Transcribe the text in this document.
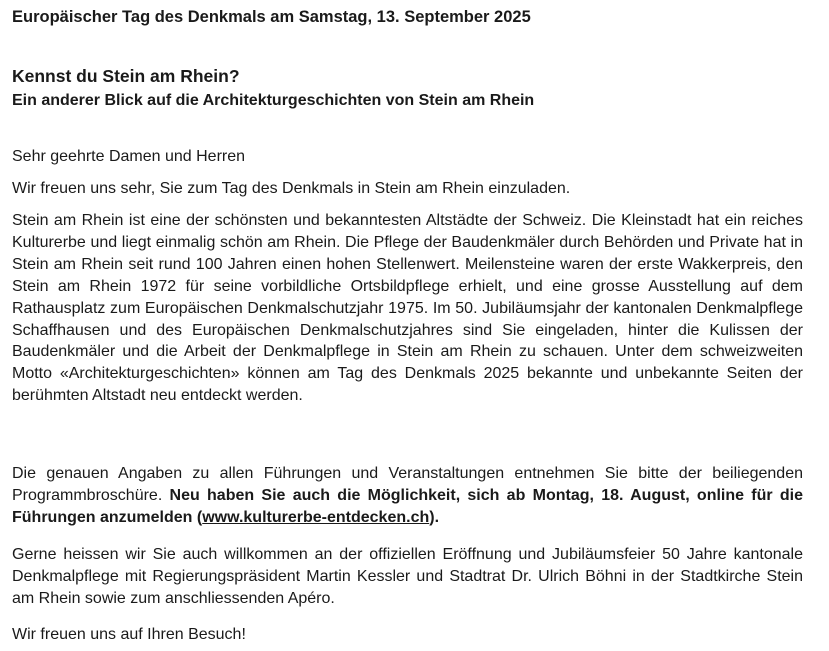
Europäischer Tag des Denkmals am Samstag, 13. September 2025
Kennst du Stein am Rhein?
Ein anderer Blick auf die Architekturgeschichten von Stein am Rhein

Sehr geehrte Damen und Herren

Wir freuen uns sehr, Sie zum Tag des Denkmals in Stein am Rhein einzuladen.

Stein am Rhein ist eine der schönsten und bekanntesten Altstädte der Schweiz. Die Kleinstadt hat ein reiches Kulturerbe und liegt einmalig schön am Rhein. Die Pflege der Baudenkmäler durch Behörden und Private hat in Stein am Rhein seit rund 100 Jahren einen hohen Stellenwert. Meilensteine waren der erste Wakkerpreis, den Stein am Rhein 1972 für seine vorbildliche Ortsbildpflege erhielt, und eine grosse Ausstellung auf dem Rathausplatz zum Europäischen Denkmalschutzjahr 1975. Im 50. Jubiläumsjahr der kantonalen Denkmalpflege Schaffhausen und des Europäischen Denkmalschutzjahres sind Sie eingeladen, hinter die Kulissen der Baudenkmäler und die Arbeit der Denkmalpflege in Stein am Rhein zu schauen. Unter dem schweizweiten Motto «Architekturgeschichten» können am Tag des Denkmals 2025 bekannte und unbekannte Seiten der berühmten Altstadt neu entdeckt werden.

Die genauen Angaben zu allen Führungen und Veranstaltungen entnehmen Sie bitte der beiliegenden Programmbroschüre. Neu haben Sie auch die Möglichkeit, sich ab Montag, 18. August, online für die Führungen anzumelden (www.kulturerbe-entdecken.ch).

Gerne heissen wir Sie auch willkommen an der offiziellen Eröffnung und Jubiläumsfeier 50 Jahre kantonale Denkmalpflege mit Regierungspräsident Martin Kessler und Stadtrat Dr. Ulrich Böhni in der Stadtkirche Stein am Rhein sowie zum anschliessenden Apéro.

Wir freuen uns auf Ihren Besuch!
